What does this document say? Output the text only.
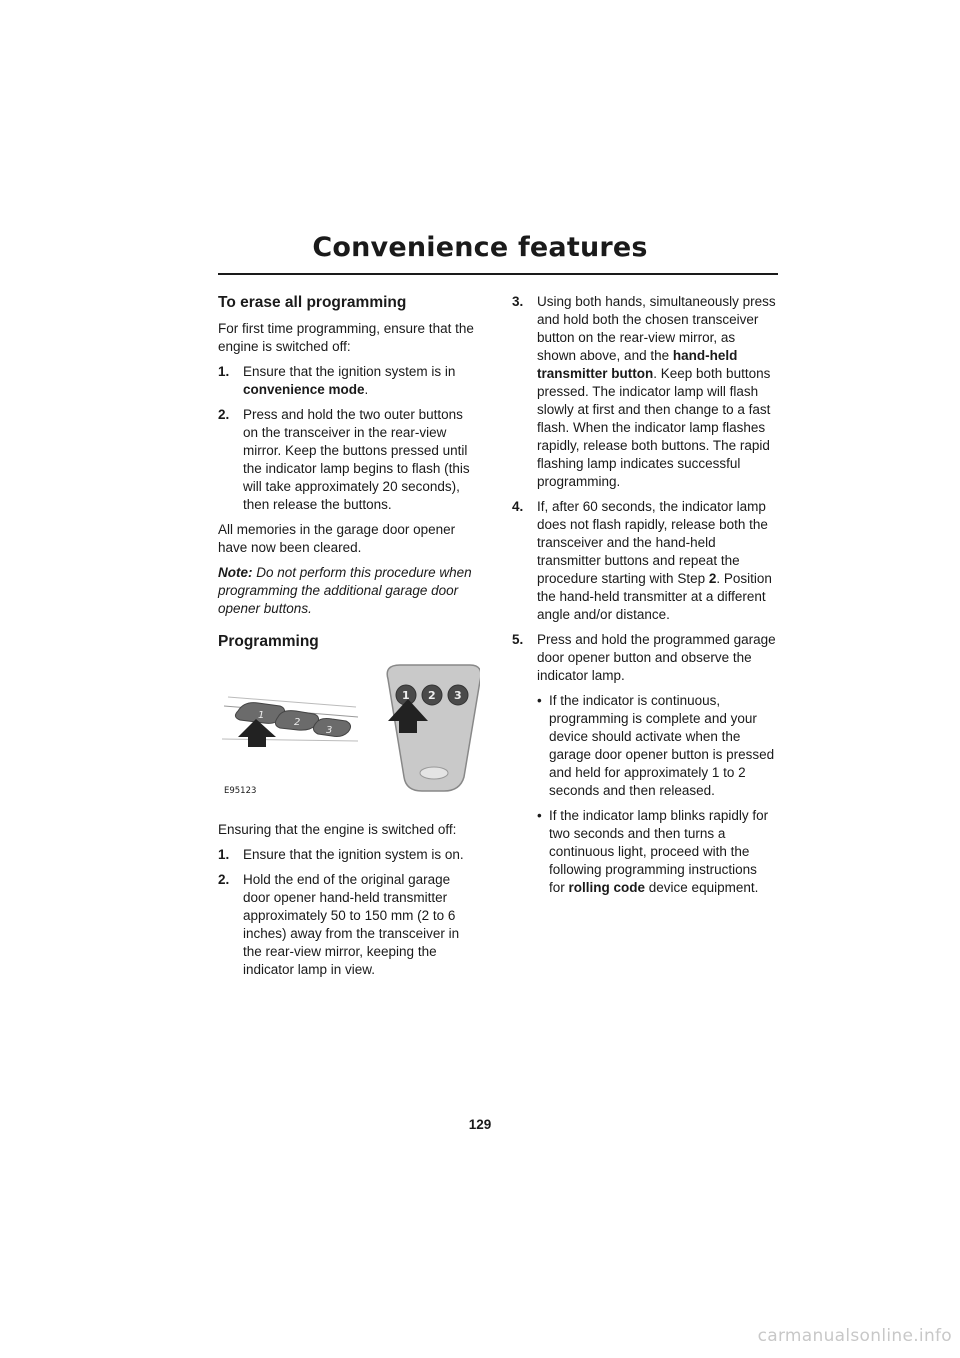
Convenience features
To erase all programming

For first time programming, ensure that the engine is switched off:

1. Ensure that the ignition system is in convenience mode.
2. Press and hold the two outer buttons on the transceiver in the rear-view mirror. Keep the buttons pressed until the indicator lamp begins to flash (this will take approximately 20 seconds), then release the buttons.

All memories in the garage door opener have now been cleared.

Note: Do not perform this procedure when programming the additional garage door opener buttons.

Programming
1
2
3
1 2 3
E95123

Ensuring that the engine is switched off:

1. Ensure that the ignition system is on.
2. Hold the end of the original garage door opener hand-held transmitter approximately 50 to 150 mm (2 to 6 inches) away from the transceiver in the rear-view mirror, keeping the indicator lamp in view.
3. Using both hands, simultaneously press and hold both the chosen transceiver button on the rear-view mirror, as shown above, and the hand-held transmitter button. Keep both buttons pressed. The indicator lamp will flash slowly at first and then change to a fast flash. When the indicator lamp flashes rapidly, release both buttons. The rapid flashing lamp indicates successful programming.
4. If, after 60 seconds, the indicator lamp does not flash rapidly, release both the transceiver and the hand-held transmitter buttons and repeat the procedure starting with Step 2. Position the hand-held transmitter at a different angle and/or distance.
5. Press and hold the programmed garage door opener button and observe the indicator lamp.
• If the indicator is continuous, programming is complete and your device should activate when the garage door opener button is pressed and held for approximately 1 to 2 seconds and then released.
• If the indicator lamp blinks rapidly for two seconds and then turns a continuous light, proceed with the following programming instructions for rolling code device equipment.
129
carmanualsonline.info
